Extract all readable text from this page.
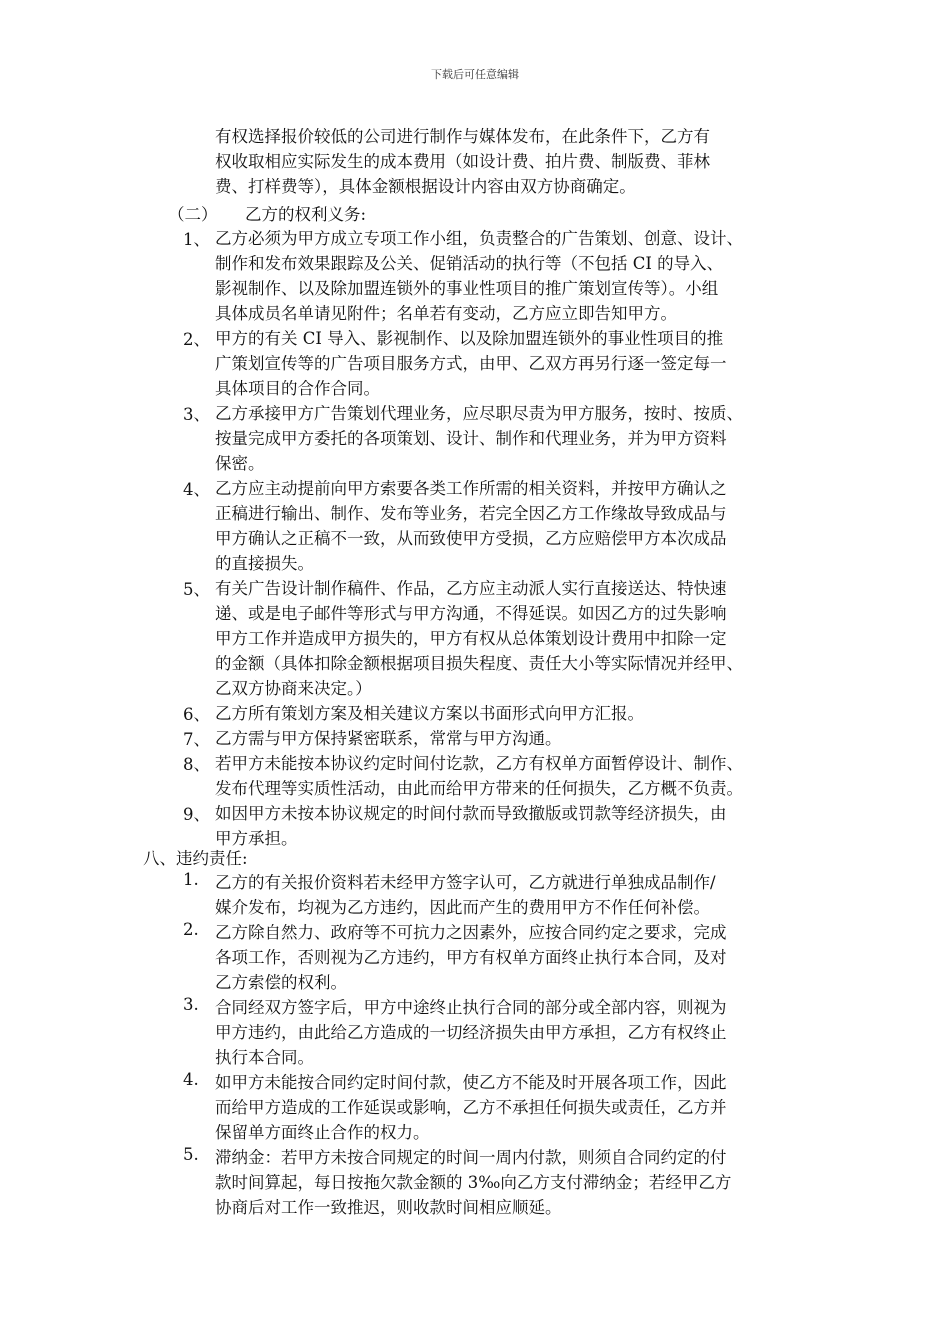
下载后可任意编辑
有权选择报价较低的公司进行制作与媒体发布，在此条件下，乙方有
权收取相应实际发生的成本费用（如设计费、拍片费、制版费、菲林
费、打样费等），具体金额根据设计内容由双方协商确定。
（二） 乙方的权利义务:
1、 乙方必须为甲方成立专项工作小组，负责整合的广告策划、创意、设计、
制作和发布效果跟踪及公关、促销活动的执行等（不包括 CI 的导入、
影视制作、以及除加盟连锁外的事业性项目的推广策划宣传等）。小组
具体成员名单请见附件；名单若有变动，乙方应立即告知甲方。
2、 甲方的有关 CI 导入、影视制作、以及除加盟连锁外的事业性项目的推
广策划宣传等的广告项目服务方式，由甲、乙双方再另行逐一签定每一
具体项目的合作合同。
3、 乙方承接甲方广告策划代理业务，应尽职尽责为甲方服务，按时、按质、
按量完成甲方委托的各项策划、设计、制作和代理业务，并为甲方资料
保密。
4、 乙方应主动提前向甲方索要各类工作所需的相关资料，并按甲方确认之
正稿进行输出、制作、发布等业务，若完全因乙方工作缘故导致成品与
甲方确认之正稿不一致，从而致使甲方受损，乙方应赔偿甲方本次成品
的直接损失。
5、 有关广告设计制作稿件、作品，乙方应主动派人实行直接送达、特快速
递、或是电子邮件等形式与甲方沟通，不得延误。如因乙方的过失影响
甲方工作并造成甲方损失的，甲方有权从总体策划设计费用中扣除一定
的金额（具体扣除金额根据项目损失程度、责任大小等实际情况并经甲、
乙双方协商来决定。）
6、 乙方所有策划方案及相关建议方案以书面形式向甲方汇报。
7、 乙方需与甲方保持紧密联系，常常与甲方沟通。
8、 若甲方未能按本协议约定时间付讫款，乙方有权单方面暂停设计、制作、
发布代理等实质性活动，由此而给甲方带来的任何损失，乙方概不负责。
9、 如因甲方未按本协议规定的时间付款而导致撤版或罚款等经济损失，由
甲方承担。
八、违约责任:
1. 乙方的有关报价资料若未经甲方签字认可，乙方就进行单独成品制作/
媒介发布，均视为乙方违约，因此而产生的费用甲方不作任何补偿。
2. 乙方除自然力、政府等不可抗力之因素外，应按合同约定之要求，完成
各项工作，否则视为乙方违约，甲方有权单方面终止执行本合同，及对
乙方索偿的权利。
3. 合同经双方签字后，甲方中途终止执行合同的部分或全部内容，则视为
甲方违约，由此给乙方造成的一切经济损失由甲方承担，乙方有权终止
执行本合同。
4. 如甲方未能按合同约定时间付款，使乙方不能及时开展各项工作，因此
而给甲方造成的工作延误或影响，乙方不承担任何损失或责任，乙方并
保留单方面终止合作的权力。
5. 滞纳金：若甲方未按合同规定的时间一周内付款，则须自合同约定的付
款时间算起，每日按拖欠款金额的 3‰向乙方支付滞纳金；若经甲乙方
协商后对工作一致推迟，则收款时间相应顺延。
